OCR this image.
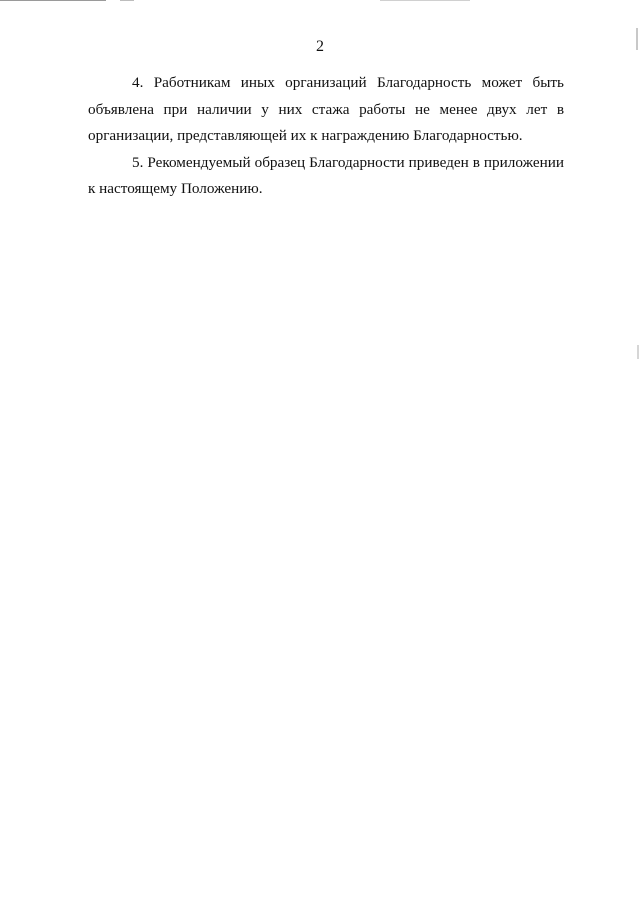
2

4. Работникам иных организаций Благодарность может быть объявлена при наличии у них стажа работы не менее двух лет в организации, представляющей их к награждению Благодарностью.

5. Рекомендуемый образец Благодарности приведен в приложении к настоящему Положению.
